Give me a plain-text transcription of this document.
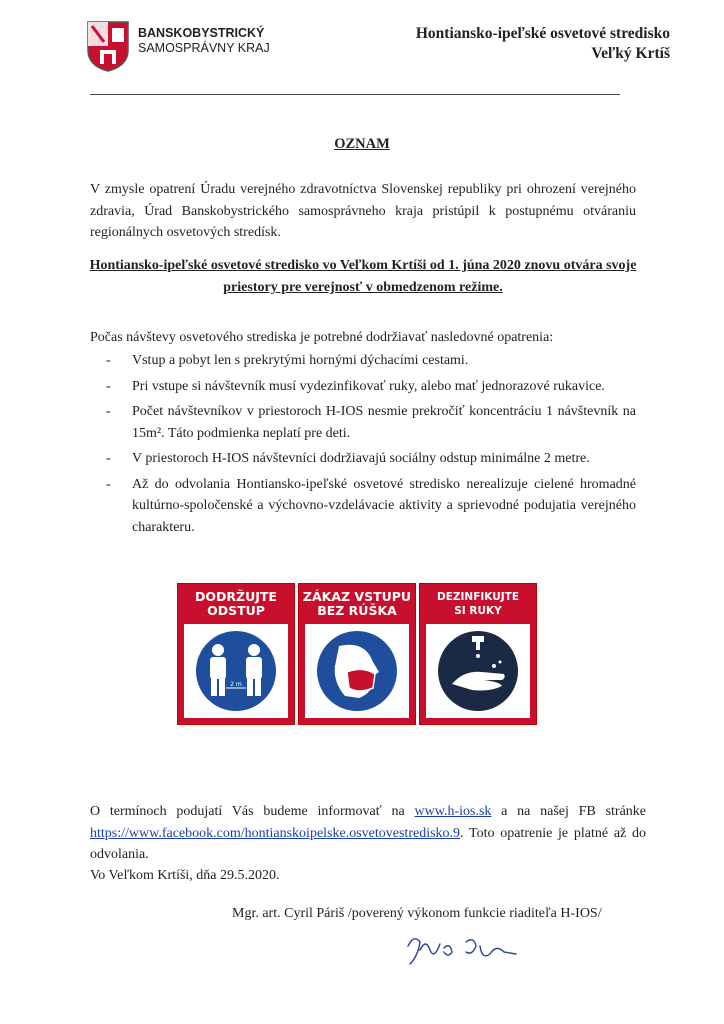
BANSKOBYSTRICKÝ
SAMOSPRÁVNY KRAJ
Hontiansko-ipeľské osvetové stredisko
Veľký Krtíš
OZNAM
V zmysle opatrení Úradu verejného zdravotníctva Slovenskej republiky pri ohrození verejného zdravia, Úrad Banskobystrického samosprávneho kraja pristúpil k postupnému otváraniu regionálnych osvetových stredísk.
Hontiansko-ipeľské osvetové stredisko vo Veľkom Krtíši od 1. júna 2020 znovu otvára svoje priestory pre verejnosť v obmedzenom režime.
Počas návštevy osvetového strediska je potrebné dodržiavať nasledovné opatrenia:
- Vstup a pobyt len s prekrytými hornými dýchacími cestami.
- Pri vstupe si návštevník musí vydezinfikovať ruky, alebo mať jednorazové rukavice.
- Počet návštevníkov v priestoroch H-IOS nesmie prekročiť koncentráciu 1 návštevník na 15m². Táto podmienka neplatí pre deti.
- V priestoroch H-IOS návštevníci dodržiavajú sociálny odstup minimálne 2 metre.
- Až do odvolania Hontiansko-ipeľské osvetové stredisko nerealizuje cielené hromadné kultúrno-spoločenské a výchovno-vzdelávacie aktivity a sprievodné podujatia verejného charakteru.
DODRŽUJTE
ODSTUP
2 m
ZÁKAZ VSTUPU
BEZ RÚŠKA
DEZINFIKUJTE
SI RUKY
O termínoch podujatí Vás budeme informovať na www.h-ios.sk a na našej FB stránke https://www.facebook.com/hontianskoipelske.osvetovestredisko.9. Toto opatrenie je platné až do odvolania.
Vo Veľkom Krtíši, dňa 29.5.2020.
Mgr. art. Cyril Páriš /poverený výkonom funkcie riaditeľa H-IOS/
